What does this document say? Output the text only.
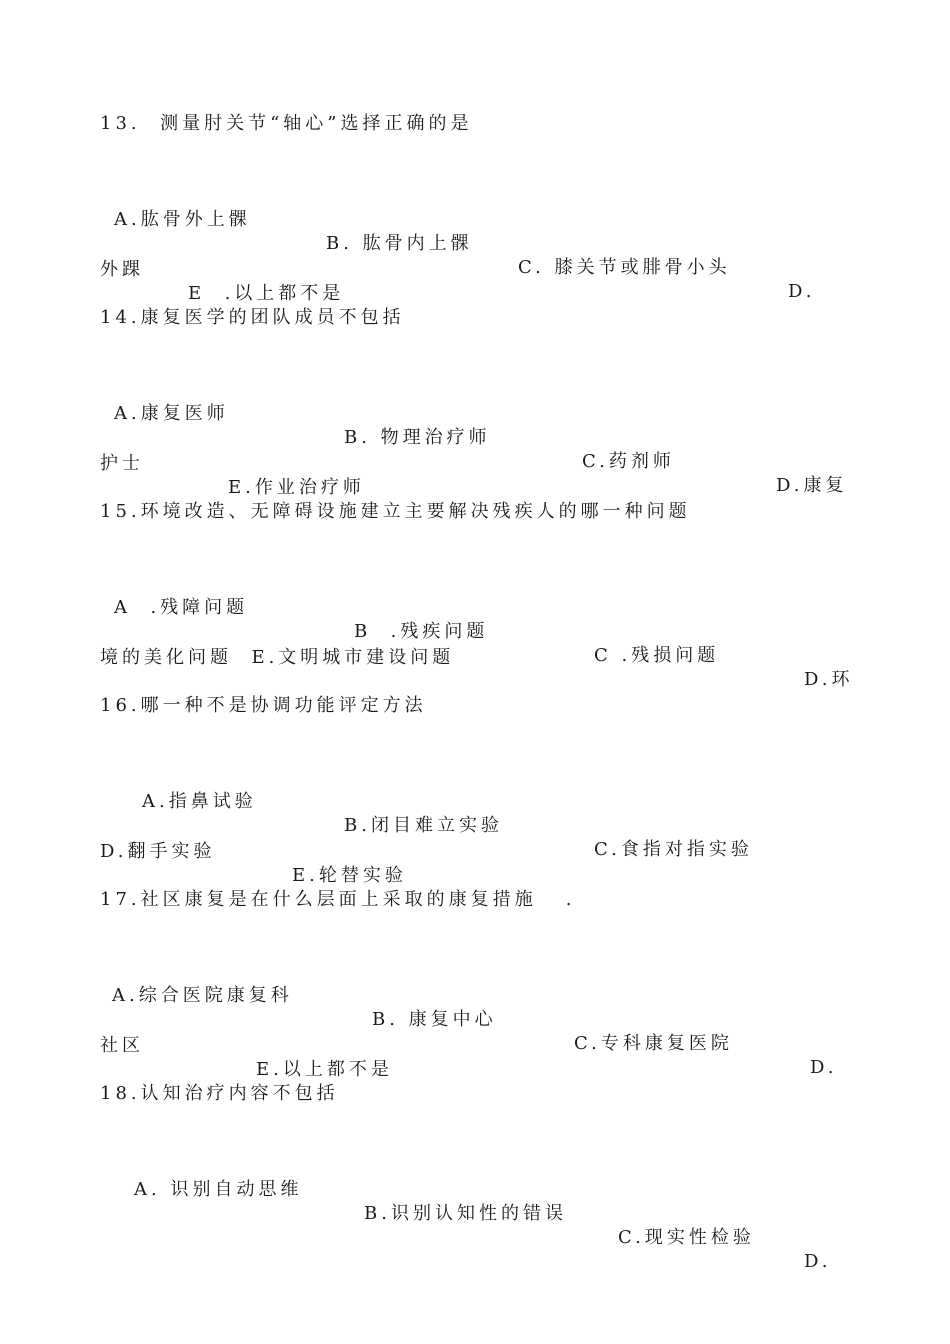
13.  测量肘关节“轴心”选择正确的是

A.肱骨外上髁

B. 肱骨内上髁

C. 膝关节或腓骨小头

D.

外踝

E  .以上都不是

14.康复医学的团队成员不包括

A.康复医师

B. 物理治疗师

C.药剂师

D.康复

护士

E.作业治疗师

15.环境改造、无障碍设施建立主要解决残疾人的哪一种问题

A  .残障问题

B  .残疾问题

C .残损问题

D.环

境的美化问题  E.文明城市建设问题

16.哪一种不是协调功能评定方法

A.指鼻试验

B.闭目难立实验

C.食指对指实验

D.翻手实验

E.轮替实验

17.社区康复是在什么层面上采取的康复措施   .

A.综合医院康复科

B. 康复中心

C.专科康复医院

D.

社区

E.以上都不是

18.认知治疗内容不包括

A. 识别自动思维

B.识别认知性的错误

C.现实性检验

D.
